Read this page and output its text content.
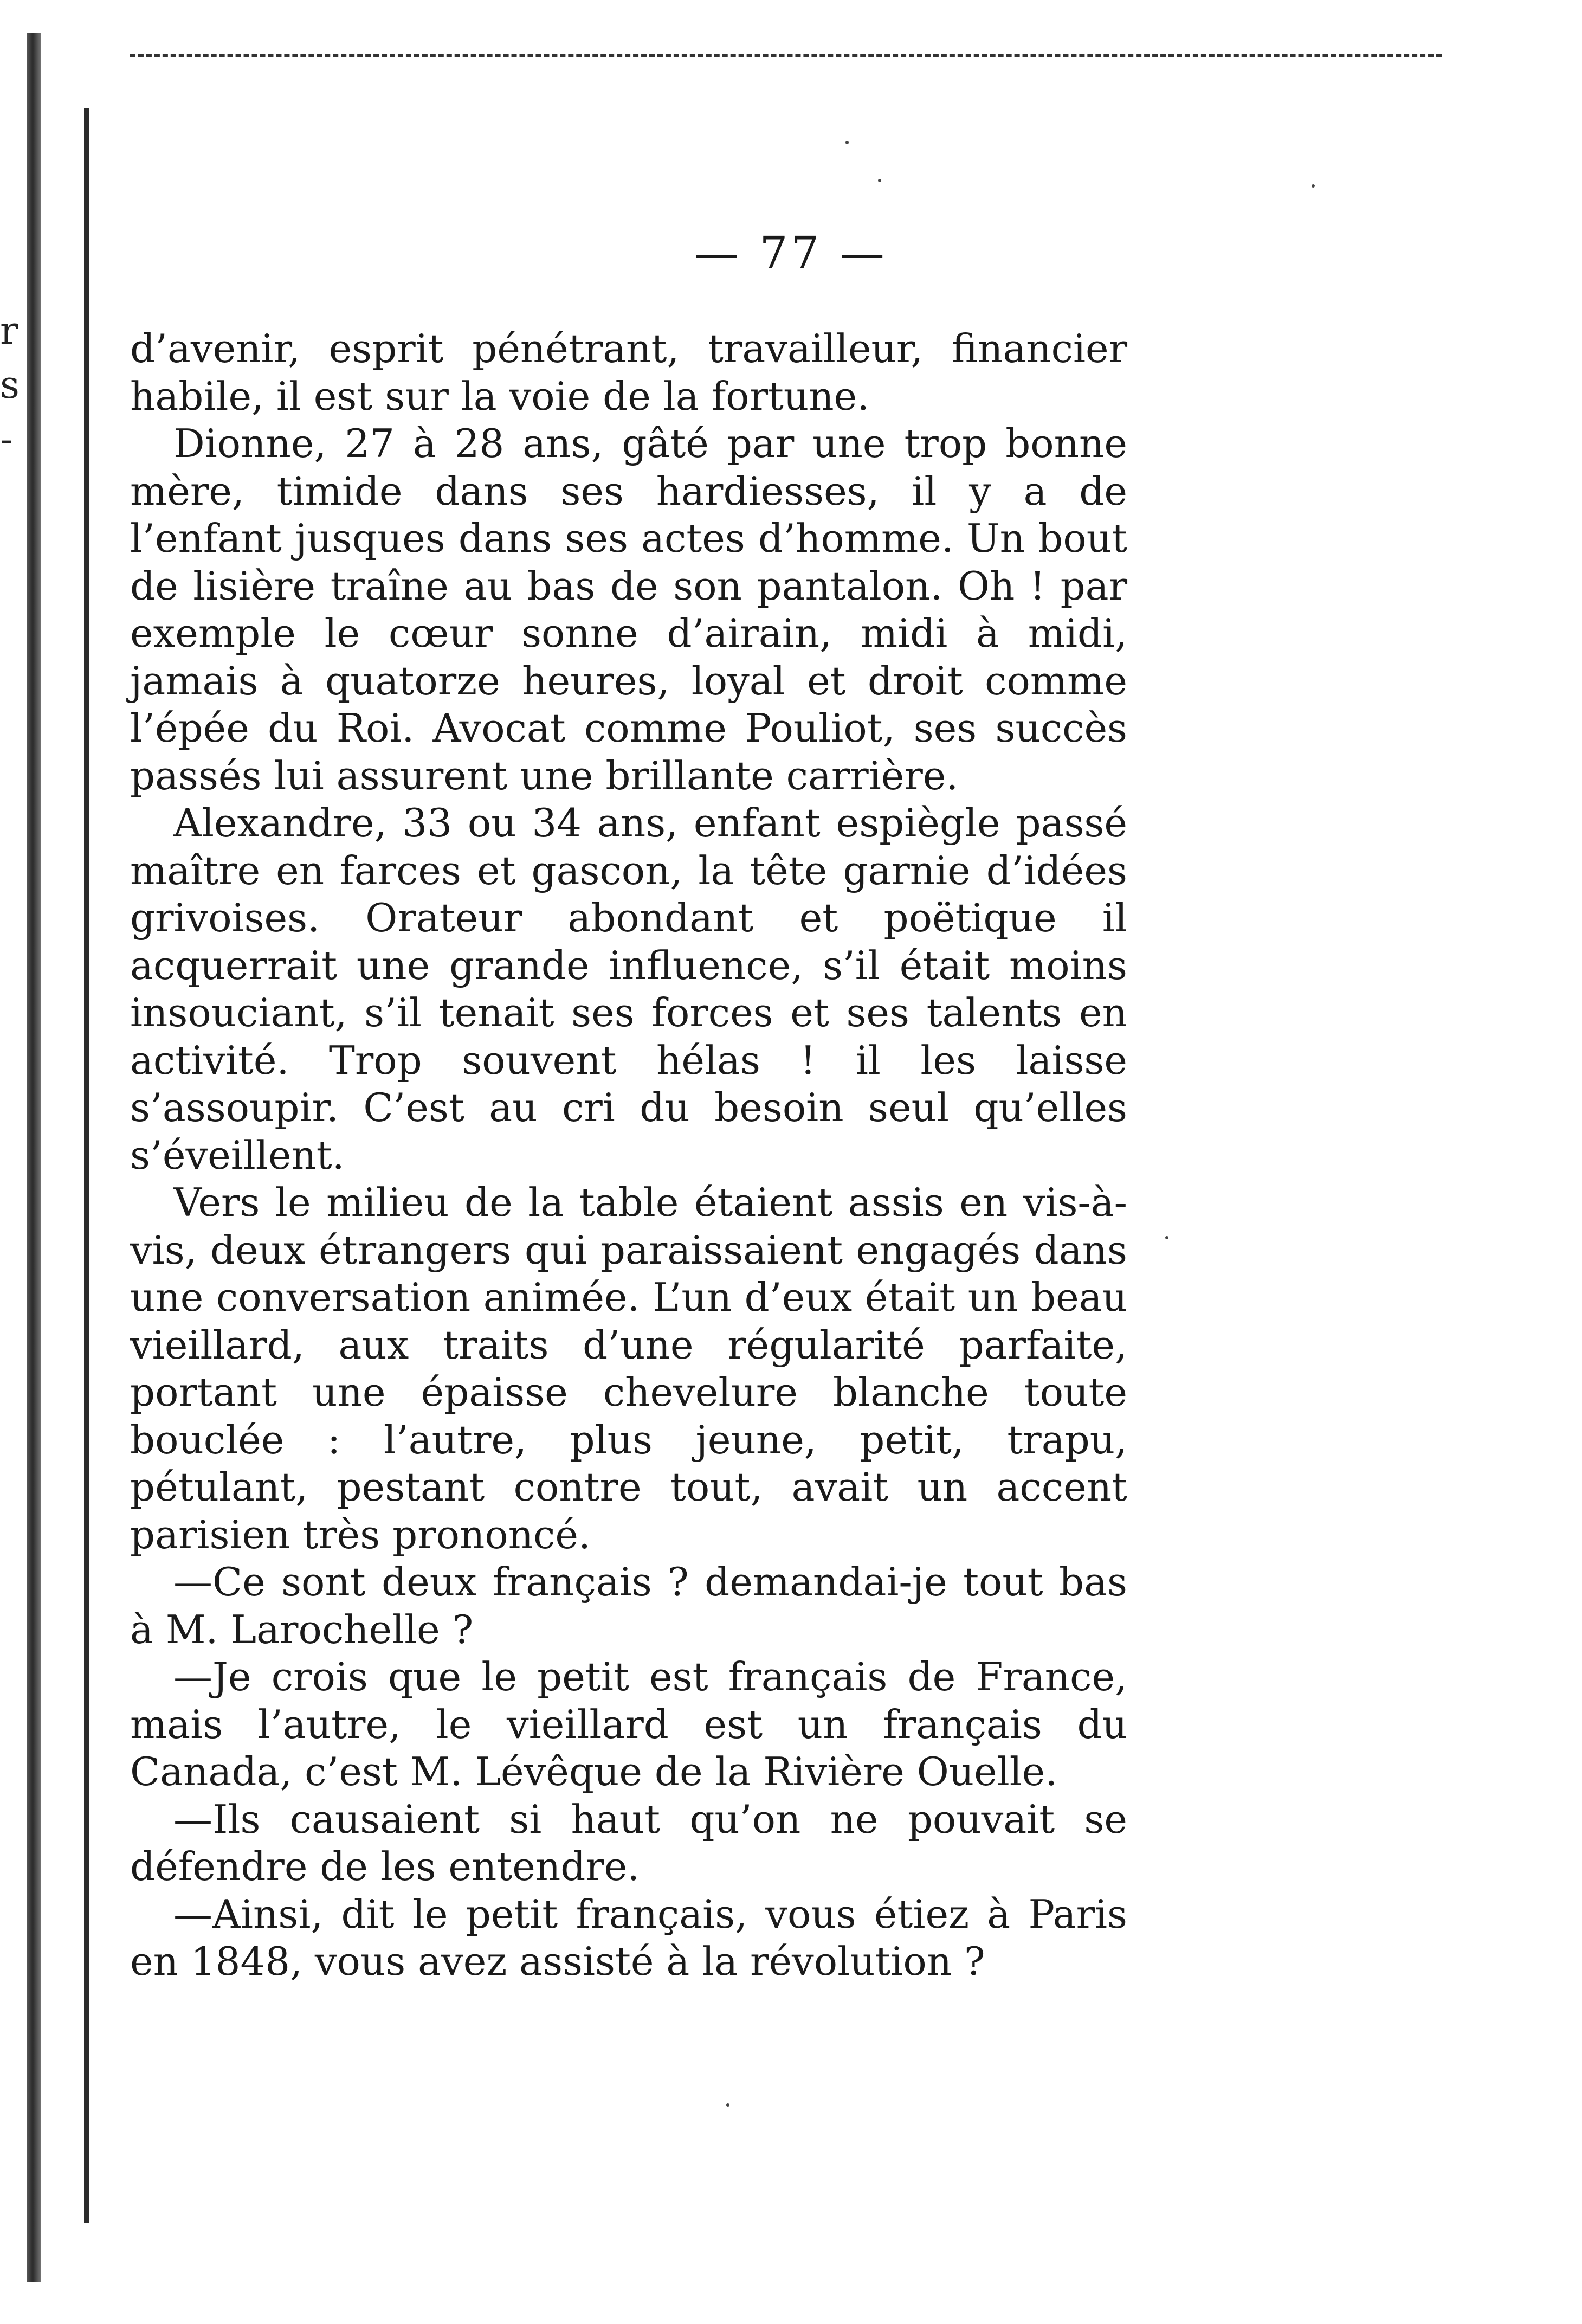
r
s
-
— 77 —

d’avenir, esprit pénétrant, travailleur, financier habile, il est sur la voie de la fortune.

Dionne, 27 à 28 ans, gâté par une trop bonne mère, timide dans ses hardiesses, il y a de l’enfant jusques dans ses actes d’homme. Un bout de lisière traîne au bas de son pantalon. Oh ! par exemple le cœur sonne d’airain, midi à midi, jamais à quatorze heures, loyal et droit comme l’épée du Roi. Avocat comme Pouliot, ses succès passés lui assurent une brillante carrière.

Alexandre, 33 ou 34 ans, enfant espiègle passé maître en farces et gascon, la tête garnie d’idées grivoises. Orateur abondant et poëtique il acquerrait une grande influence, s’il était moins insouciant, s’il tenait ses forces et ses talents en activité. Trop souvent hélas ! il les laisse s’assoupir. C’est au cri du besoin seul qu’elles s’éveillent.

Vers le milieu de la table étaient assis en vis-à-vis, deux étrangers qui paraissaient engagés dans une conversation animée. L’un d’eux était un beau vieillard, aux traits d’une régularité parfaite, portant une épaisse chevelure blanche toute bouclée : l’autre, plus jeune, petit, trapu, pétulant, pestant contre tout, avait un accent parisien très prononcé.

—Ce sont deux français ? demandai-je tout bas à M. Larochelle ?

—Je crois que le petit est français de France, mais l’autre, le vieillard est un français du Canada, c’est M. Lévêque de la Rivière Ouelle.

—Ils causaient si haut qu’on ne pouvait se défendre de les entendre.

—Ainsi, dit le petit français, vous étiez à Paris en 1848, vous avez assisté à la révolution ?
